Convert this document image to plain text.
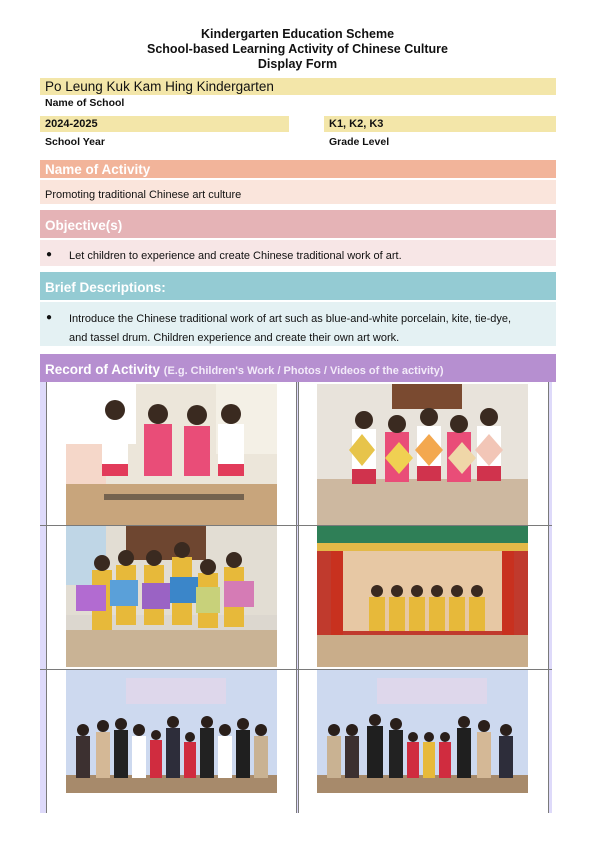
Kindergarten Education Scheme
School-based Learning Activity of Chinese Culture
Display Form
Po Leung Kuk Kam Hing Kindergarten
Name of School
2024-2025
School Year
K1, K2, K3
Grade Level
Name of Activity
Promoting traditional Chinese art culture
Objective(s)
● Let children to experience and create Chinese traditional work of art.
Brief Descriptions:
● Introduce the Chinese traditional work of art such as blue-and-white porcelain, kite, tie-dye,
and tassel drum. Children experience and create their own art work.
Record of Activity (E.g. Children's Work / Photos / Videos of the activity)
